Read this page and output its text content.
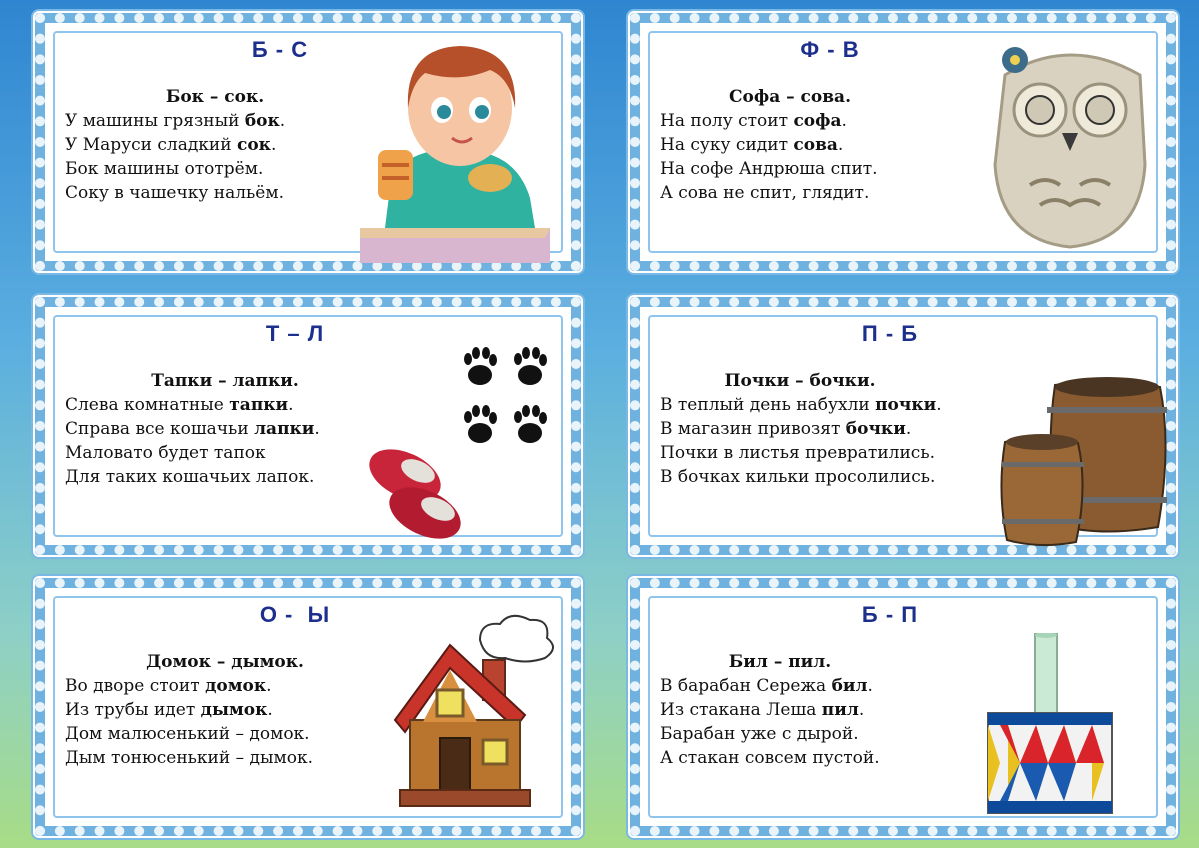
Б - С
Бок – сок.
У машины грязный бок.
У Маруси сладкий сок.
Бок машины ототрём.
Соку в чашечку нальём.
Ф - В
Софа – сова.
На полу стоит софа.
На суку сидит сова.
На софе Андрюша спит.
А сова не спит, глядит.
Т – Л
Тапки – лапки.
Слева комнатные тапки.
Справа все кошачьи лапки.
Маловато будет тапок
Для таких кошачьих лапок.
П - Б
Почки – бочки.
В теплый день набухли почки.
В магазин привозят бочки.
Почки в листья превратились.
В бочках кильки просолились.
О -  Ы
Домок – дымок.
Во дворе стоит домок.
Из трубы идет дымок.
Дом малюсенький – домок.
Дым тонюсенький – дымок.
Б - П
Бил – пил.
В барабан Сережа бил.
Из стакана Леша пил.
Барабан уже с дырой.
А стакан совсем пустой.
